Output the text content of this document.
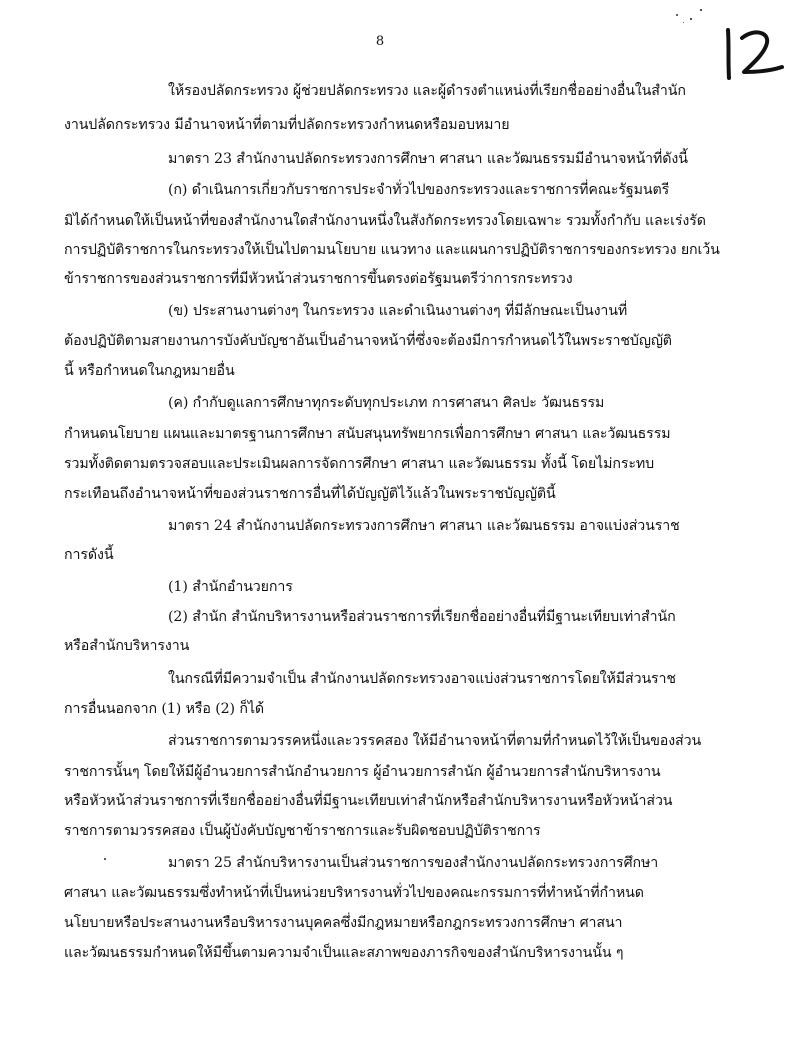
8
ให้รองปลัดกระทรวง ผู้ช่วยปลัดกระทรวง และผู้ดำรงตำแหน่งที่เรียกชื่ออย่างอื่นในสำนัก
งานปลัดกระทรวง มีอำนาจหน้าที่ตามที่ปลัดกระทรวงกำหนดหรือมอบหมาย
มาตรา 23 สำนักงานปลัดกระทรวงการศึกษา ศาสนา และวัฒนธรรมมีอำนาจหน้าที่ดังนี้
(ก) ดำเนินการเกี่ยวกับราชการประจำทั่วไปของกระทรวงและราชการที่คณะรัฐมนตรี
มิได้กำหนดให้เป็นหน้าที่ของสำนักงานใดสำนักงานหนึ่งในสังกัดกระทรวงโดยเฉพาะ รวมทั้งกำกับ และเร่งรัด
การปฏิบัติราชการในกระทรวงให้เป็นไปตามนโยบาย แนวทาง และแผนการปฏิบัติราชการของกระทรวง ยกเว้น
ข้าราชการของส่วนราชการที่มีหัวหน้าส่วนราชการขึ้นตรงต่อรัฐมนตรีว่าการกระทรวง
(ข) ประสานงานต่างๆ ในกระทรวง และดำเนินงานต่างๆ ที่มีลักษณะเป็นงานที่
ต้องปฏิบัติตามสายงานการบังคับบัญชาอันเป็นอำนาจหน้าที่ซึ่งจะต้องมีการกำหนดไว้ในพระราชบัญญัติ
นี้ หรือกำหนดในกฎหมายอื่น
(ค) กำกับดูแลการศึกษาทุกระดับทุกประเภท การศาสนา ศิลปะ วัฒนธรรม
กำหนดนโยบาย แผนและมาตรฐานการศึกษา สนับสนุนทรัพยากรเพื่อการศึกษา ศาสนา และวัฒนธรรม
รวมทั้งติดตามตรวจสอบและประเมินผลการจัดการศึกษา ศาสนา และวัฒนธรรม ทั้งนี้ โดยไม่กระทบ
กระเทือนถึงอำนาจหน้าที่ของส่วนราชการอื่นที่ได้บัญญัติไว้แล้วในพระราชบัญญัตินี้
มาตรา 24 สำนักงานปลัดกระทรวงการศึกษา ศาสนา และวัฒนธรรม อาจแบ่งส่วนราช
การดังนี้
(1) สำนักอำนวยการ
(2) สำนัก สำนักบริหารงานหรือส่วนราชการที่เรียกชื่ออย่างอื่นที่มีฐานะเทียบเท่าสำนัก
หรือสำนักบริหารงาน
ในกรณีที่มีความจำเป็น สำนักงานปลัดกระทรวงอาจแบ่งส่วนราชการโดยให้มีส่วนราช
การอื่นนอกจาก (1) หรือ (2) ก็ได้
ส่วนราชการตามวรรคหนึ่งและวรรคสอง ให้มีอำนาจหน้าที่ตามที่กำหนดไว้ให้เป็นของส่วน
ราชการนั้นๆ โดยให้มีผู้อำนวยการสำนักอำนวยการ ผู้อำนวยการสำนัก ผู้อำนวยการสำนักบริหารงาน
หรือหัวหน้าส่วนราชการที่เรียกชื่ออย่างอื่นที่มีฐานะเทียบเท่าสำนักหรือสำนักบริหารงานหรือหัวหน้าส่วน
ราชการตามวรรคสอง เป็นผู้บังคับบัญชาข้าราชการและรับผิดชอบปฏิบัติราชการ
มาตรา 25 สำนักบริหารงานเป็นส่วนราชการของสำนักงานปลัดกระทรวงการศึกษา
ศาสนา และวัฒนธรรมซึ่งทำหน้าที่เป็นหน่วยบริหารงานทั่วไปของคณะกรรมการที่ทำหน้าที่กำหนด
นโยบายหรือประสานงานหรือบริหารงานบุคคลซึ่งมีกฎหมายหรือกฎกระทรวงการศึกษา ศาสนา
และวัฒนธรรมกำหนดให้มีขึ้นตามความจำเป็นและสภาพของภารกิจของสำนักบริหารงานนั้น ๆ
